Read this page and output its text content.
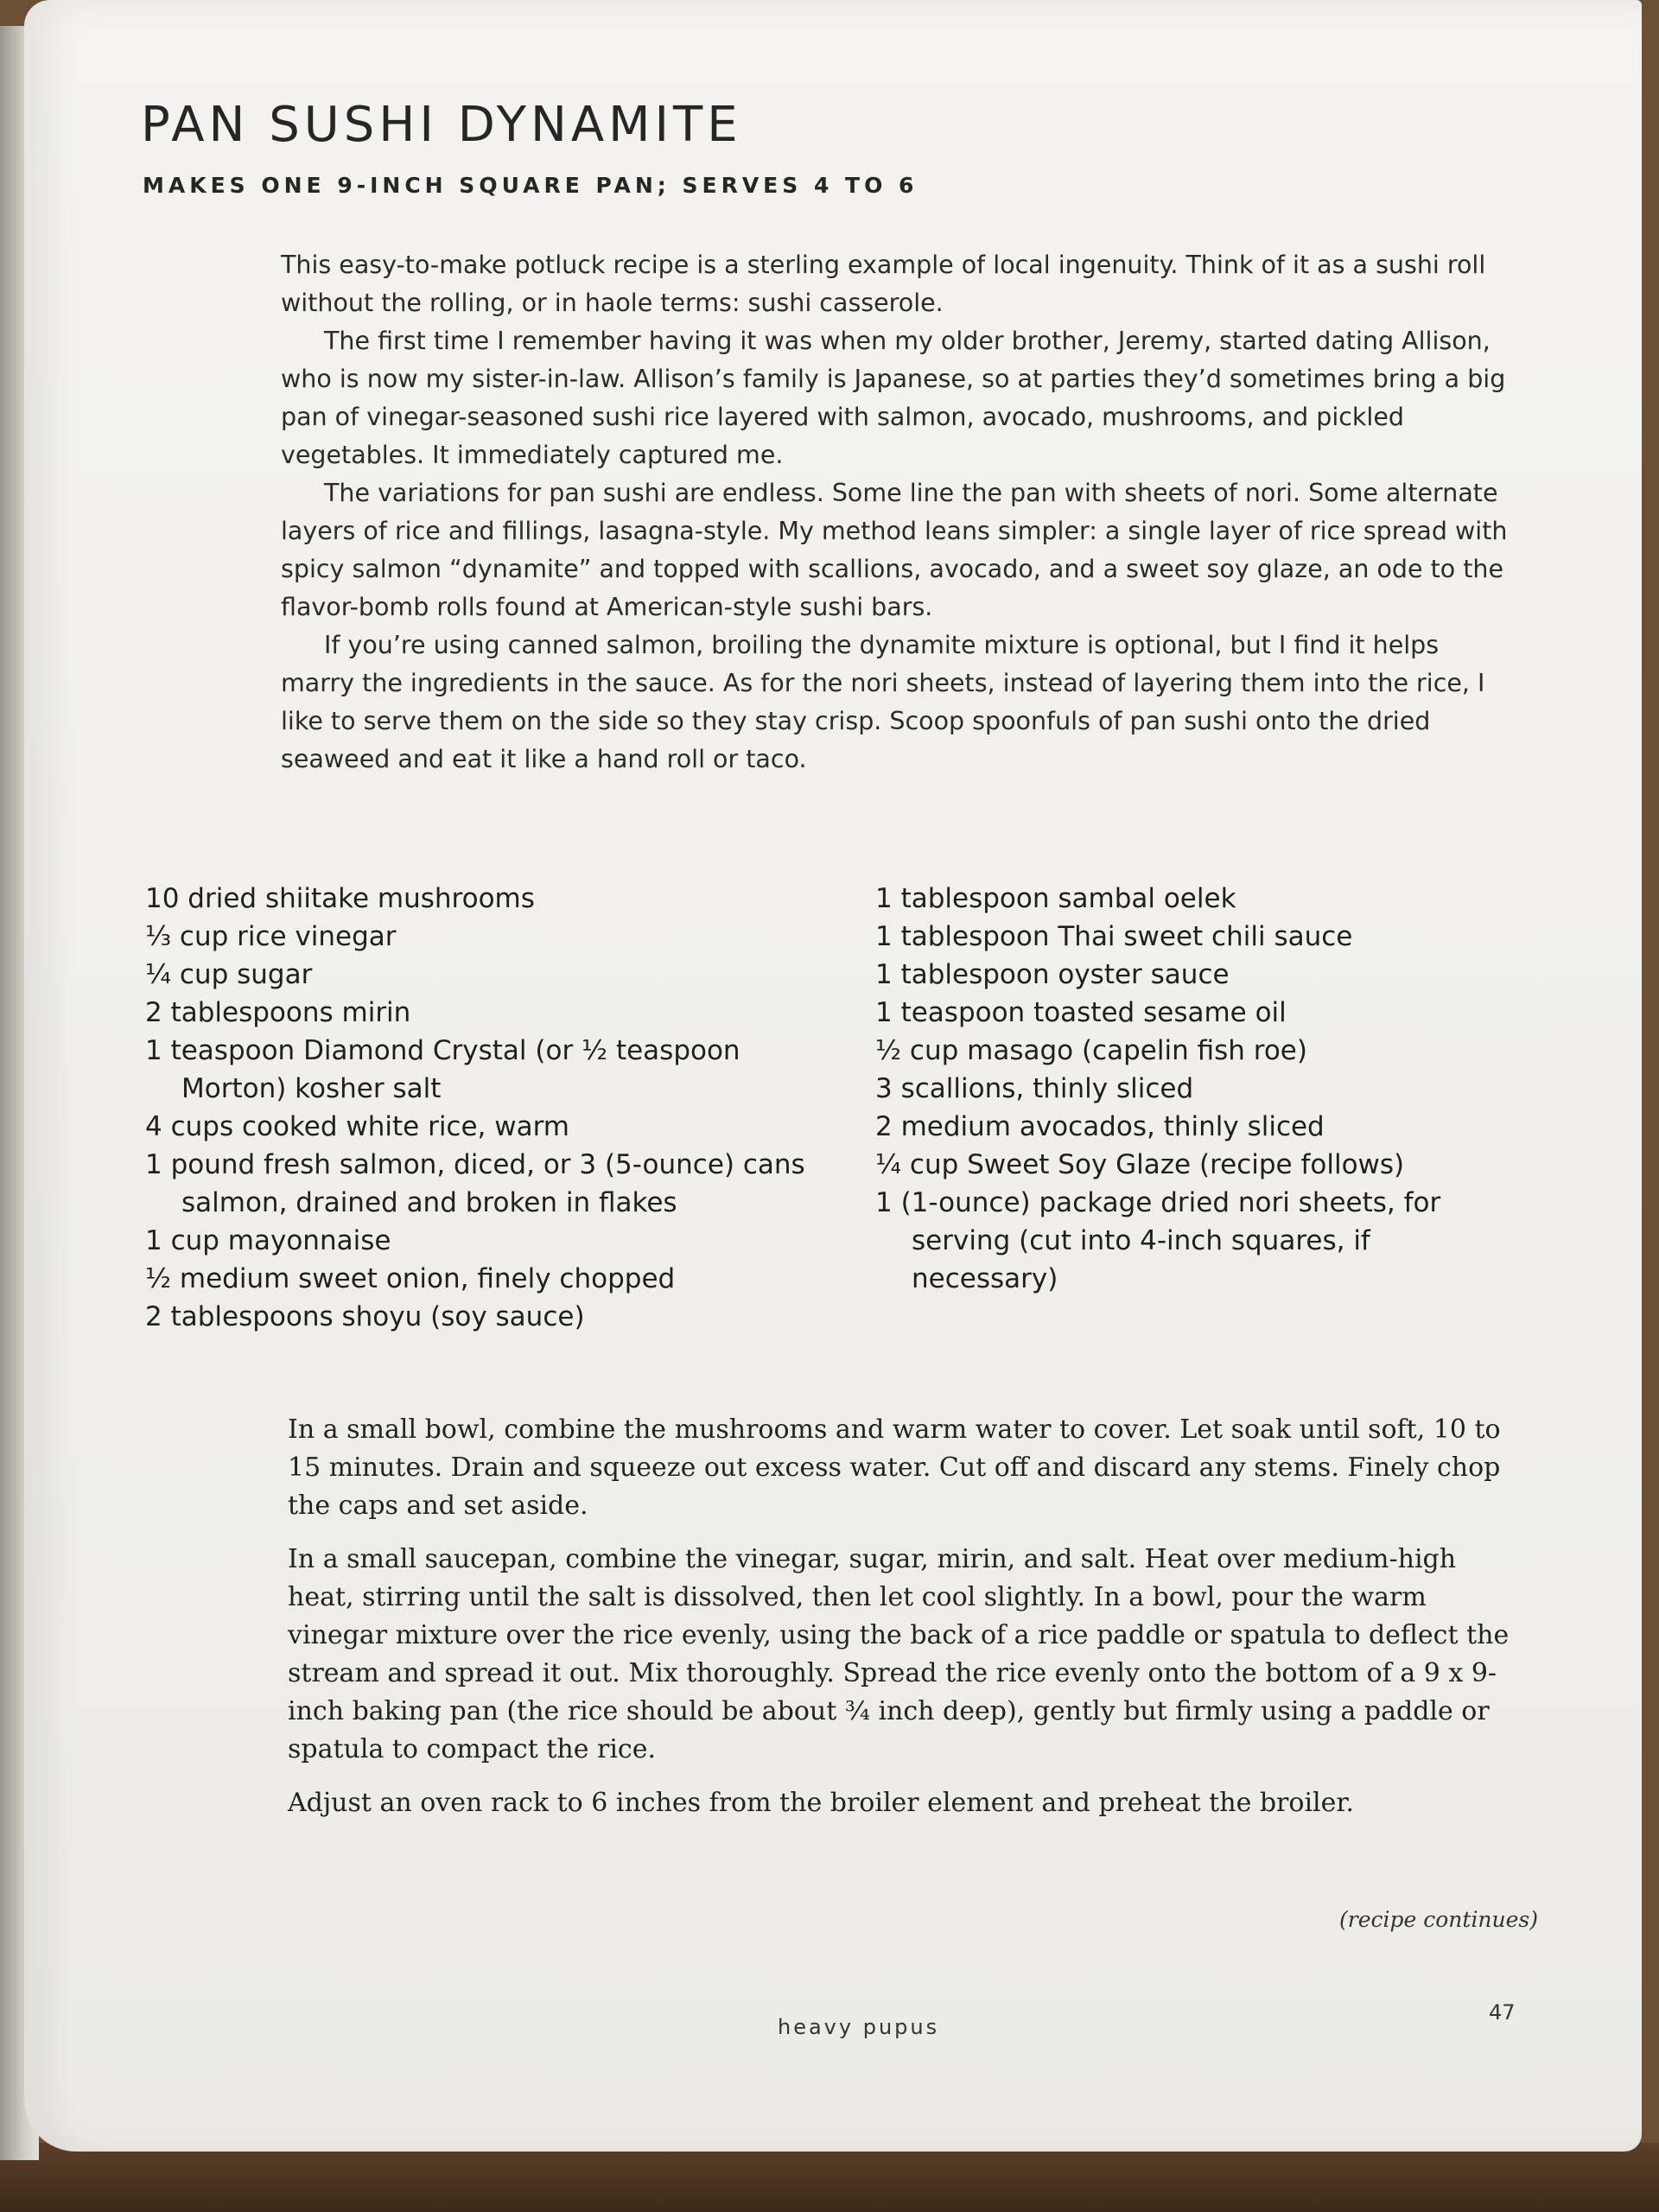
PAN SUSHI DYNAMITE
MAKES ONE 9-INCH SQUARE PAN; SERVES 4 TO 6

This easy-to-make potluck recipe is a sterling example of local ingenuity. Think of it as a sushi roll without the rolling, or in haole terms: sushi casserole.

The first time I remember having it was when my older brother, Jeremy, started dating Allison, who is now my sister-in-law. Allison’s family is Japanese, so at parties they’d sometimes bring a big pan of vinegar-seasoned sushi rice layered with salmon, avocado, mushrooms, and pickled vegetables. It immediately captured me.

The variations for pan sushi are endless. Some line the pan with sheets of nori. Some alternate layers of rice and fillings, lasagna-style. My method leans simpler: a single layer of rice spread with spicy salmon “dynamite” and topped with scallions, avocado, and a sweet soy glaze, an ode to the flavor-bomb rolls found at American-style sushi bars.

If you’re using canned salmon, broiling the dynamite mixture is optional, but I find it helps marry the ingredients in the sauce. As for the nori sheets, instead of layering them into the rice, I like to serve them on the side so they stay crisp. Scoop spoonfuls of pan sushi onto the dried seaweed and eat it like a hand roll or taco.

10 dried shiitake mushrooms
⅓ cup rice vinegar
¼ cup sugar
2 tablespoons mirin
1 teaspoon Diamond Crystal (or ½ teaspoon Morton) kosher salt
4 cups cooked white rice, warm
1 pound fresh salmon, diced, or 3 (5-ounce) cans salmon, drained and broken in flakes
1 cup mayonnaise
½ medium sweet onion, finely chopped
2 tablespoons shoyu (soy sauce)
1 tablespoon sambal oelek
1 tablespoon Thai sweet chili sauce
1 tablespoon oyster sauce
1 teaspoon toasted sesame oil
½ cup masago (capelin fish roe)
3 scallions, thinly sliced
2 medium avocados, thinly sliced
¼ cup Sweet Soy Glaze (recipe follows)
1 (1-ounce) package dried nori sheets, for serving (cut into 4-inch squares, if necessary)

In a small bowl, combine the mushrooms and warm water to cover. Let soak until soft, 10 to 15 minutes. Drain and squeeze out excess water. Cut off and discard any stems. Finely chop the caps and set aside.

In a small saucepan, combine the vinegar, sugar, mirin, and salt. Heat over medium-high heat, stirring until the salt is dissolved, then let cool slightly. In a bowl, pour the warm vinegar mixture over the rice evenly, using the back of a rice paddle or spatula to deflect the stream and spread it out. Mix thoroughly. Spread the rice evenly onto the bottom of a 9 x 9-inch baking pan (the rice should be about ¾ inch deep), gently but firmly using a paddle or spatula to compact the rice.

Adjust an oven rack to 6 inches from the broiler element and preheat the broiler.

(recipe continues)
heavy pupus
47
